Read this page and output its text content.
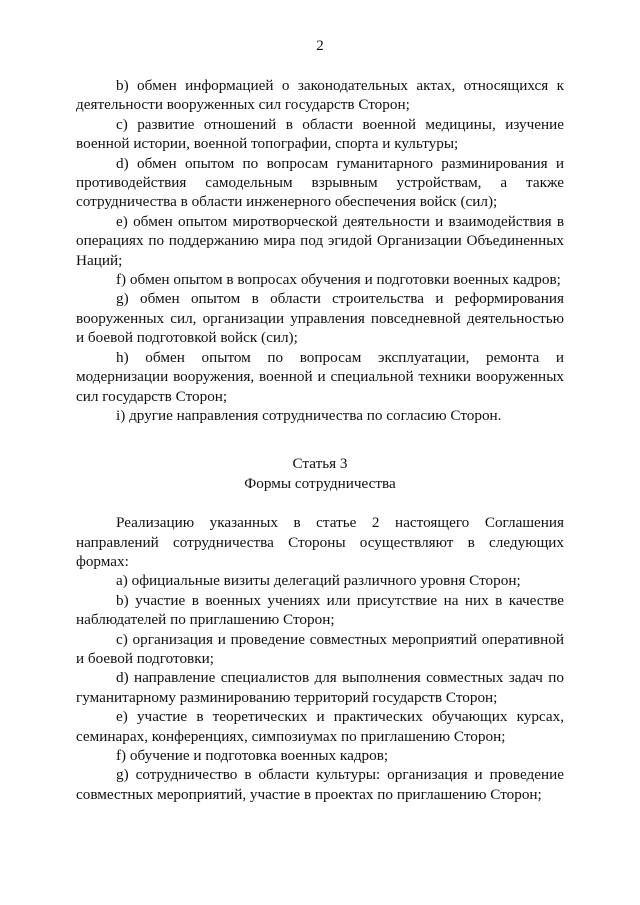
2

b) обмен информацией о законодательных актах, относящихся к деятельности вооруженных сил государств Сторон;

c) развитие отношений в области военной медицины, изучение военной истории, военной топографии, спорта и культуры;

d) обмен опытом по вопросам гуманитарного разминирования и противодействия самодельным взрывным устройствам, а также сотрудничества в области инженерного обеспечения войск (сил);

e) обмен опытом миротворческой деятельности и взаимодействия в операциях по поддержанию мира под эгидой Организации Объединенных Наций;

f) обмен опытом в вопросах обучения и подготовки военных кадров;

g) обмен опытом в области строительства и реформирования вооруженных сил, организации управления повседневной деятельностью и боевой подготовкой войск (сил);

h) обмен опытом по вопросам эксплуатации, ремонта и модернизации вооружения, военной и специальной техники вооруженных сил государств Сторон;

i) другие направления сотрудничества по согласию Сторон.

Статья 3

Формы сотрудничества

Реализацию указанных в статье 2 настоящего Соглашения направлений сотрудничества Стороны осуществляют в следующих формах:

a) официальные визиты делегаций различного уровня Сторон;

b) участие в военных учениях или присутствие на них в качестве наблюдателей по приглашению Сторон;

c) организация и проведение совместных мероприятий оперативной и боевой подготовки;

d) направление специалистов для выполнения совместных задач по гуманитарному разминированию территорий государств Сторон;

e) участие в теоретических и практических обучающих курсах, семинарах, конференциях, симпозиумах по приглашению Сторон;

f) обучение и подготовка военных кадров;

g) сотрудничество в области культуры: организация и проведение совместных мероприятий, участие в проектах по приглашению Сторон;
